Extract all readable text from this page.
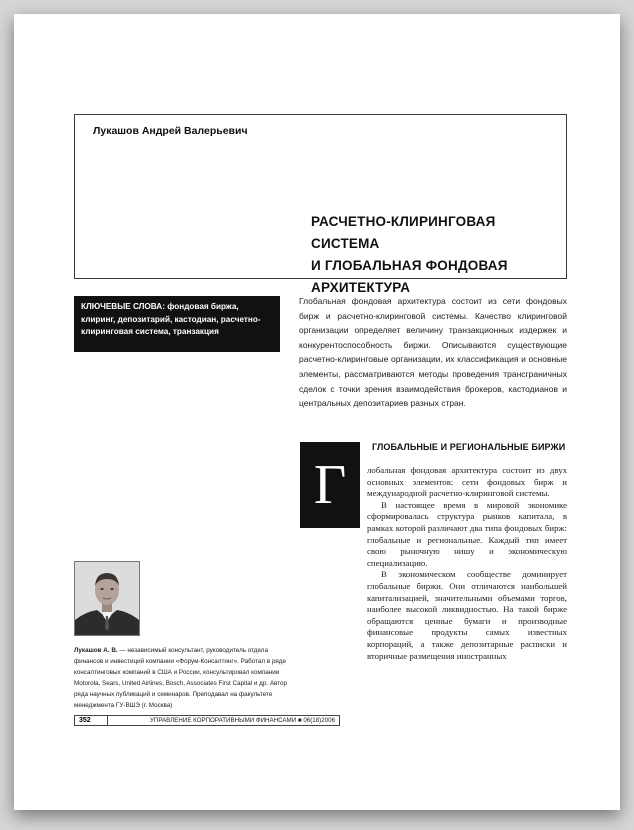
Лукашов Андрей Валерьевич
РАСЧЕТНО-КЛИРИНГОВАЯ СИСТЕМА
И ГЛОБАЛЬНАЯ ФОНДОВАЯ
АРХИТЕКТУРА
КЛЮЧЕВЫЕ СЛОВА: фондовая биржа, клиринг, депозитарий, кастодиан, расчетно-клиринговая система, транзакция

Глобальная фондовая архитектура состоит из сети фондовых бирж и расчетно-клиринговой системы. Качество клиринговой организации определяет величину транзакционных издержек и конкурентоспособность биржи. Описываются существующие расчетно-клиринговые организации, их классификация и основные элементы, рассматриваются методы проведения трансграничных сделок с точки зрения взаимодействия брокеров, кастодианов и центральных депозитариев разных стран.

Г
ГЛОБАЛЬНЫЕ И РЕГИОНАЛЬНЫЕ БИРЖИ

лобальная фондовая архитектура состоит из двух основных элементов: сети фондовых бирж и международной расчетно-клиринговой системы.

В настоящее время в мировой экономике сформировалась структура рынков капитала, в рамках которой различают два типа фондовых бирж: глобальные и региональные. Каждый тип имеет свою рыночную нишу и экономическую специализацию.

В экономическом сообществе доминирует глобальные биржи. Они отличаются наибольшей капитализацией, значительными объемами торгов, наиболее высокой ликвидностью. На такой бирже обращаются ценные бумаги и производные финансовые продукты самых известных корпораций, а также депозитарные расписки и вторичные размещения иностранных

Лукашов А. В. — независимый консультант, руководитель отдела финансов и инвестиций компании «Форум-Консалтинг». Работал в ряде консалтинговых компаний в США и России, консультировал компании Motorola, Sears, United Airlines, Bosch, Associates First Capital и др. Автор ряда научных публикаций и семинаров. Преподавал на факультете менеджмента ГУ-ВШЭ (г. Москва)

352	УПРАВЛЕНИЕ КОРПОРАТИВНЫМИ ФИНАНСАМИ ■ 06(18)2006
